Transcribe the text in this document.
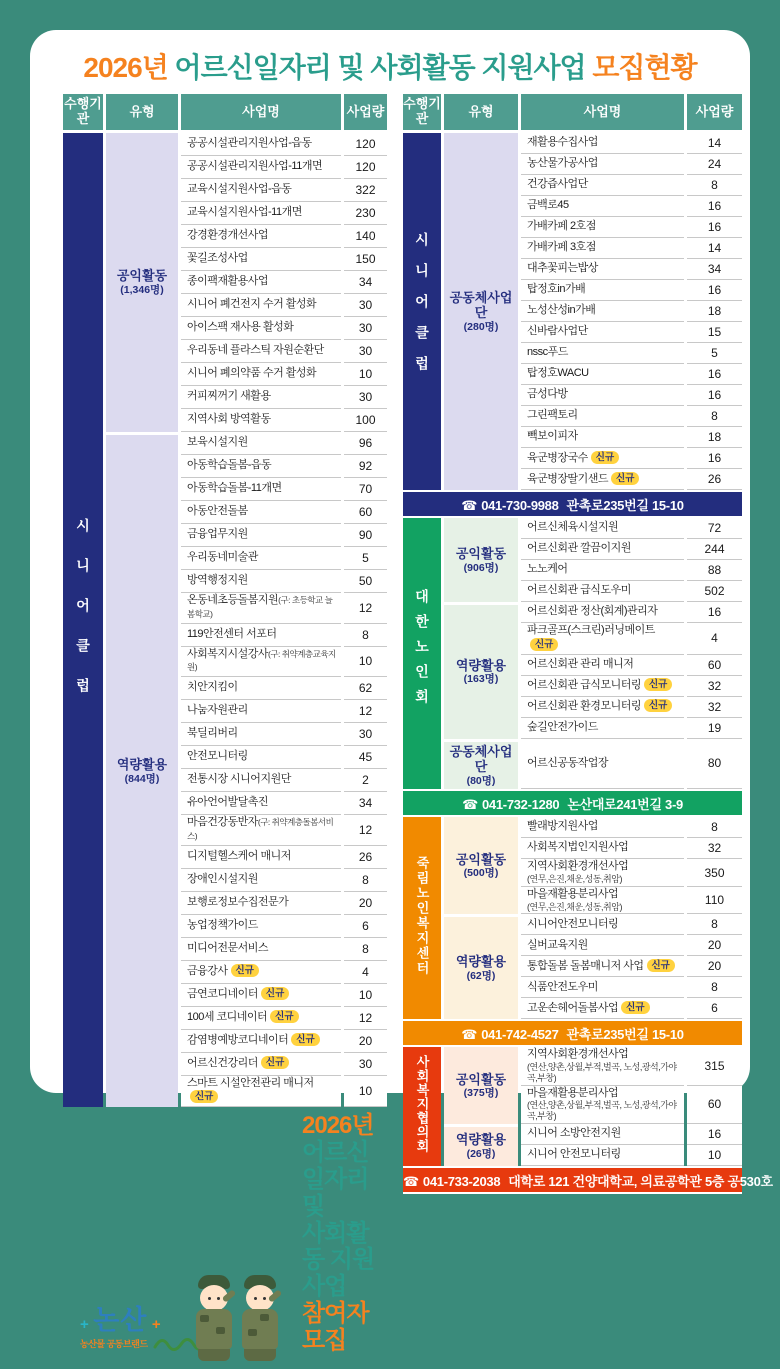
2026년 어르신일자리 및 사회활동 지원사업 모집현황
수행기관	유형	사업명	사업량
시니어클럽	공익활동
(1,346명)	공공시설관리지원사업-읍동	120
		공공시설관리지원사업-11개면	120
		교육시설지원사업-읍동	322
		교육시설지원사업-11개면	230
		강경환경개선사업	140
		꽃길조성사업	150
		종이팩재활용사업	34
		시니어 폐건전지 수거 활성화	30
		아이스팩 재사용 활성화	30
		우리동네 플라스틱 자원순환단	30
		시니어 폐의약품 수거 활성화	10
		커피찌꺼기 새활용	30
		지역사회 방역활동	100

	역량활용
(844명)	보육시설지원	96
		아동학습돌봄-읍동	92
		아동학습돌봄-11개면	70
		아동안전돌봄	60
		금융업무지원	90
		우리동네미술관	5
		방역행정지원	50
		온동네초등돌봄지원(구: 초등학교 늘봄학교)	12
		119안전센터 서포터	8
		사회복지시설강사(구: 취약계층교육지원)	10
		치안지킴이	62
		나눔자원관리	12
		북딜리버리	30
		안전모니터링	45
		전통시장 시니어지원단	2
		유아언어발달촉진	34
		마음건강동반자(구: 취약계층돌봄서비스)	12
		디지털헬스케어 매니저	26
		장애인시설지원	8
		보행로정보수집전문가	20
		농업정책가이드	6
		미디어전문서비스	8
		금융강사 신규	4
		금연코디네이터 신규	10
		100세 코디네이터 신규	12
		감염병예방코디네이터 신규	20
		어르신건강리더 신규	30
		스마트 시설안전관리 매니저신규	10
+ 논산 +
농산물 공동브랜드
2026년
어르신일자리 및
사회활동 지원사업
참여자 모집
수행기관	유형	사업명	사업량
시니어클럽	공동체사업단
(280명)	재활용수집사업	14
		농산물가공사업	24
		건강즙사업단	8
		금백로45	16
		가배카페 2호점	16
		가배카페 3호점	14
		대추꽃피는밥상	34
		탑정호in가배	16
		노성산성in가배	18
		신바람사업단	15
		nssc푸드	5
		탑정호WACU	16
		금성다방	16
		그린팩토리	8
		빽보이피자	18
		육군병장국수 신규	16
		육군병장딸기샌드 신규	26
☎ 041-730-9988 관촉로235번길 15-10			
대한노인회	공익활동
(906명)	어르신체육시설지원	72
		어르신회관 깔끔이지원	244
		노노케어	88
		어르신회관 급식도우미	502

	역량활용
(163명)	어르신회관 정산(회계)관리자	16
		파크골프(스크린)러닝메이트신규	4
		어르신회관 관리 매니저	60
		어르신회관 급식모니터링 신규	32
		어르신회관 환경모니터링 신규	32
		숲길안전가이드	19

	공동체사업단
(80명)	어르신공동작업장	80
☎ 041-732-1280 논산대로241번길 3-9			
죽림노인복지센터	공익활동
(500명)	빨래방지원사업	8
		사회복지법인지원사업	32
		지역사회환경개선사업
(연무,은진,채운,성동,취암)	350
		마을재활용분리사업
(연무,은진,채운,성동,취암)	110

	역량활용
(62명)	시니어안전모니터링	8
		실버교육지원	20
		통합돌봄 돌봄매니저 사업 신규	20
		식품안전도우미	8
		고운손헤어돌봄사업 신규	6
☎ 041-742-4527 관촉로235번길 15-10			
사회복지협의회	공익활동
(375명)
	지역사회환경개선사업
(연산,양촌,상월,부적,벌곡, 노성,광석,가야곡,부창)
	315
		마을재활용분리사업
(연산,양촌,상월,부적,벌곡, 노성,광석,가야곡,부창)	60

	역량활용
(26명)	시니어 소방안전지원	16
		시니어 안전모니터링	10
☎ 041-733-2038 대학로 121 건양대학교, 의료공학관 5층 공530호			
